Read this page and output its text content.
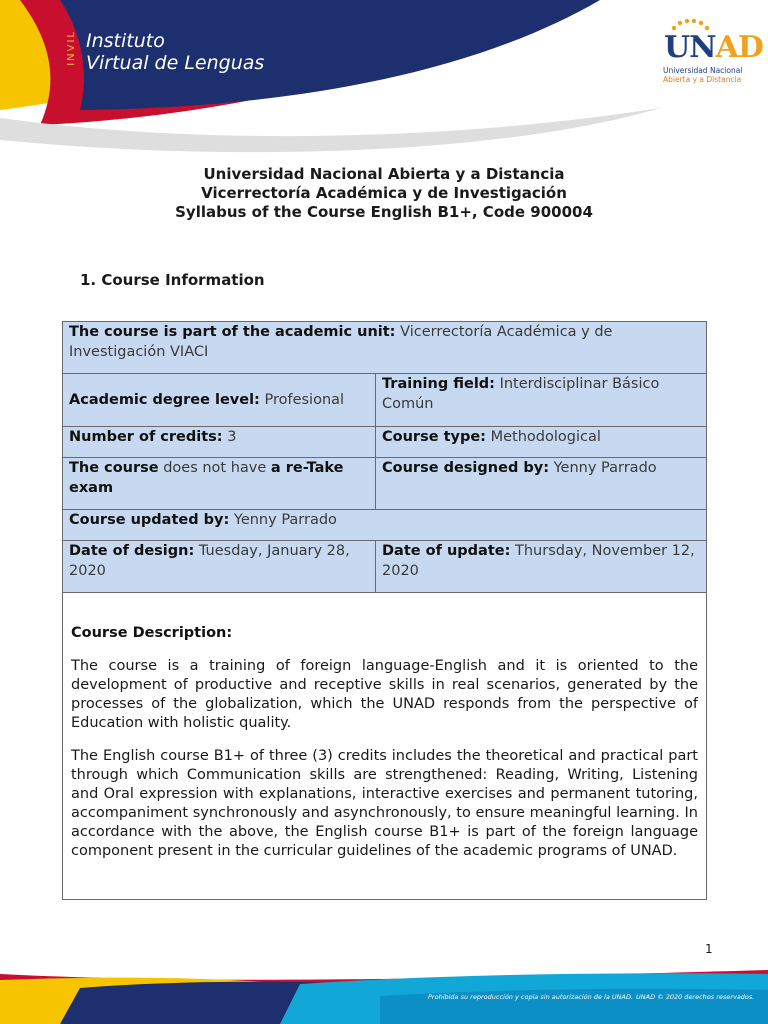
INVIL Instituto
Virtual de Lenguas	UNAD
Universidad Nacional
Abierta y a Distancia
Universidad Nacional Abierta y a Distancia
Vicerrectoría Académica y de Investigación
Syllabus of the Course English B1+, Code 900004
1. Course Information
The course is part of the academic unit: Vicerrectoría Académica y de Investigación VIACI	
Academic degree level: Profesional	Training field: Interdisciplinar Básico Común
Number of credits: 3	Course type: Methodological
The course does not have a re-Take exam	Course designed by: Yenny Parrado
Course updated by: Yenny Parrado	
Date of design: Tuesday, January 28, 2020	Date of update: Thursday, November 12, 2020

Course Description:

The course is a training of foreign language-English and it is oriented to the development of productive and receptive skills in real scenarios, generated by the processes of the globalization, which the UNAD responds from the perspective of Education with holistic quality.

The English course B1+ of three (3) credits includes the theoretical and practical part through which Communication skills are strengthened: Reading, Writing, Listening and Oral expression with explanations, interactive exercises and permanent tutoring, accompaniment synchronously and asynchronously, to ensure meaningful learning. In accordance with the above, the English course B1+ is part of the foreign language component present in the curricular guidelines of the academic programs of UNAD.	

1
Prohibida su reproducción y copia sin autorización de la UNAD. UNAD © 2020 derechos reservados.
